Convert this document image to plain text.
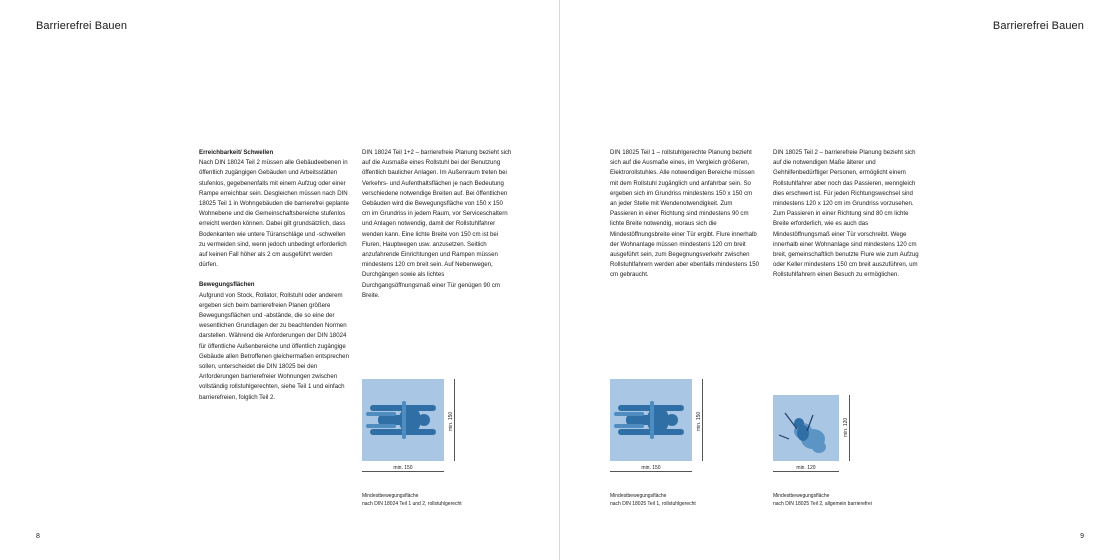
Barrierefrei Bauen
Erreichbarkeit/ Schwellen
Nach DIN 18024 Teil 2 müssen alle Gebäudeebenen in öffentlich zugängigen Gebäuden und Arbeitsstätten stufenlos, gegebenenfalls mit einem Aufzug oder einer Rampe erreichbar sein. Desgleichen müssen nach DIN 18025 Teil 1 in Wohngebäuden die barrierefrei geplante Wohnebene und die Gemeinschaftsbereiche stufenlos erreicht werden können. Dabei gilt grundsätzlich, dass Bodenkanten wie untere Türanschläge und -schwellen zu vermeiden sind, wenn jedoch unbedingt erforderlich auf keinen Fall höher als 2 cm ausgeführt werden dürfen.
Bewegungsflächen
Aufgrund von Stock, Rollator, Rollstuhl oder anderem ergeben sich beim barrierefreien Planen größere Bewegungsflächen und -abstände, die so eine der wesentlichen Grundlagen der zu beachtenden Normen darstellen. Während die Anforderungen der DIN 18024 für öffentliche Außenbereiche und öffentlich zugängige Gebäude allen Betroffenen gleichermaßen entsprechen sollen, unterscheidet die DIN 18025 bei den Anforderungen barrierefreier Wohnungen zwischen vollständig rollstuhlgerechten, siehe Teil 1 und einfach barrierefreien, folglich Teil 2.
DIN 18024 Teil 1+2 – barrierefreie Planung bezieht sich auf die Ausmaße eines Rollstuhl bei der Benutzung öffentlich baulicher Anlagen. Im Außenraum treten bei Verkehrs- und Aufenthaltsflächen je nach Bedeutung verschiedene notwendige Breiten auf. Bei öffentlichen Gebäuden wird die Bewegungsfläche von 150 x 150 cm im Grundriss in jedem Raum, vor Serviceschaltern und Anlagen notwendig, damit der Rollstuhlfahrer wenden kann. Eine lichte Breite von 150 cm ist bei Fluren, Hauptwegen usw. anzusetzen. Seitlich anzufahrende Einrichtungen und Rampen müssen mindestens 120 cm breit sein. Auf Nebenwegen, Durchgängen sowie als lichtes Durchgangsöffnungsmaß einer Tür genügen 90 cm Breite.
min. 150
min. 150
Mindestbewegungsfläche
nach DIN 18024 Teil 1 und 2, rollstuhlgerecht
8
Barrierefrei Bauen
DIN 18025 Teil 1 – rollstuhlgerechte Planung bezieht sich auf die Ausmaße eines, im Vergleich größeren, Elektrorollstuhles. Alle notwendigen Bereiche müssen mit dem Rollstuhl zugänglich und anfahrbar sein. So ergeben sich im Grundriss mindestens 150 x 150 cm an jeder Stelle mit Wendenotwendigkeit. Zum Passieren in einer Richtung sind mindestens 90 cm lichte Breite notwendig, woraus sich die Mindestöffnungsbreite einer Tür ergibt. Flure innerhalb der Wohnanlage müssen mindestens 120 cm breit ausgeführt sein, zum Begegnungsverkehr zwischen Rollstuhlfahrern werden aber ebenfalls mindestens 150 cm gebraucht.
DIN 18025 Teil 2 – barrierefreie Planung bezieht sich auf die notwendigen Maße älterer und Gehhilfenbedürftiger Personen, ermöglicht einem Rollstuhlfahrer aber noch das Passieren, wenngleich dies erschwert ist. Für jeden Richtungswechsel sind mindestens 120 x 120 cm im Grundriss vorzusehen. Zum Passieren in einer Richtung sind 80 cm lichte Breite erforderlich, wie es auch das Mindestöffnungsmaß einer Tür vorschreibt. Wege innerhalb einer Wohnanlage sind mindestens 120 cm breit, gemeinschaftlich benutzte Flure wie zum Aufzug oder Keller mindestens 150 cm breit auszuführen, um Rollstuhlfahrern einen Besuch zu ermöglichen.
min. 150
min. 150
Mindestbewegungsfläche
nach DIN 18025 Teil 1, rollstuhlgerecht
min. 120
min. 120
Mindestbewegungsfläche
nach DIN 18025 Teil 2, allgemein barrierefrei
9
